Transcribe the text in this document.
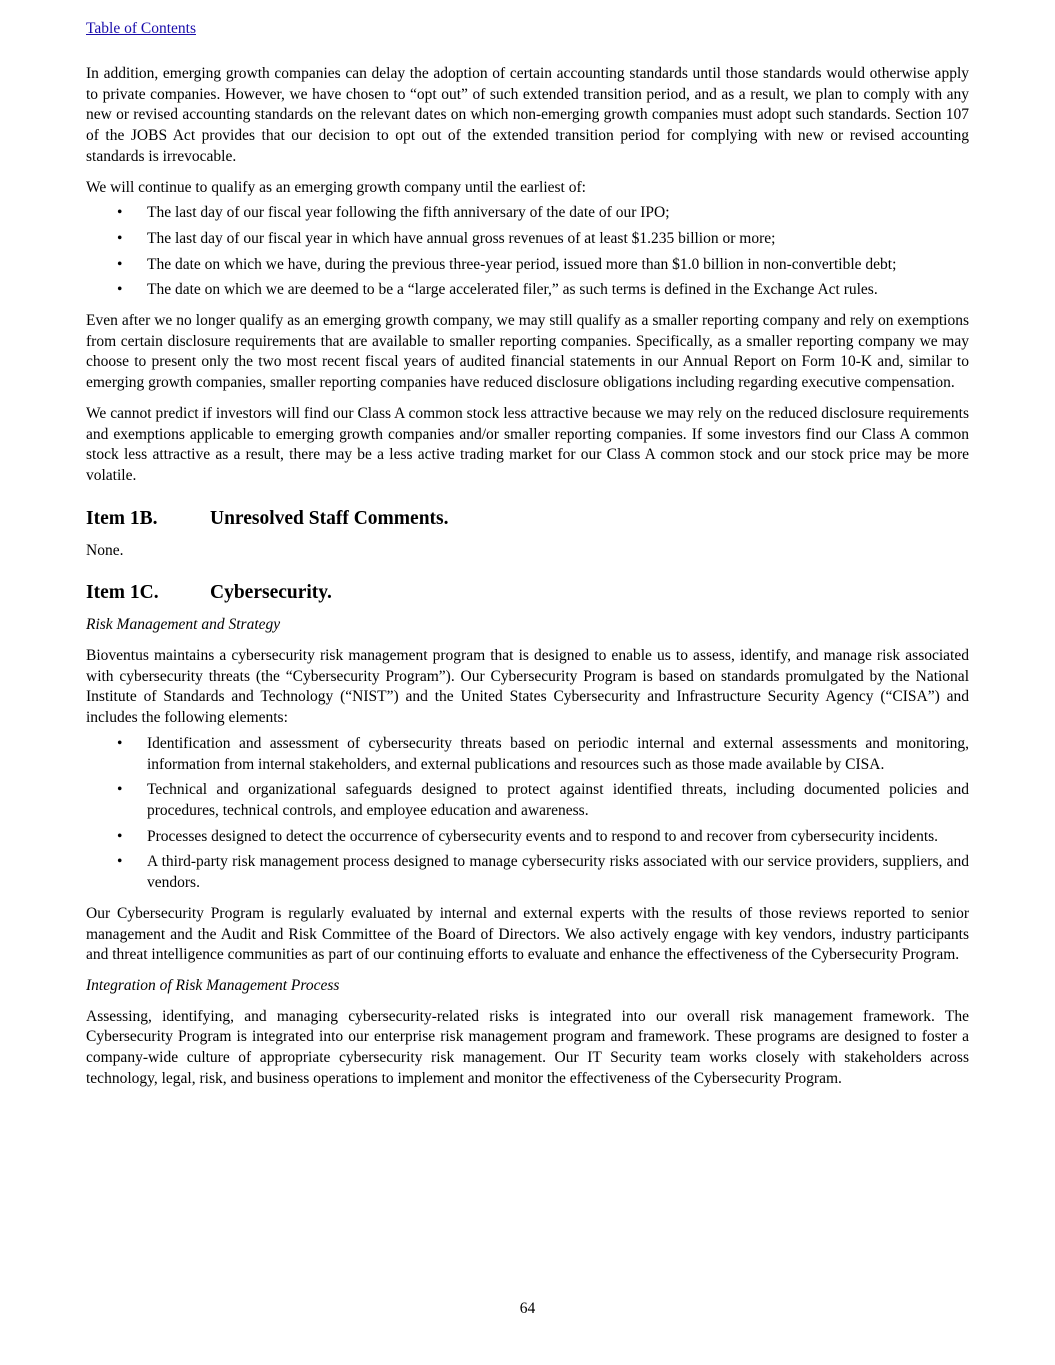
Table of Contents

In addition, emerging growth companies can delay the adoption of certain accounting standards until those standards would otherwise apply to private companies. However, we have chosen to “opt out” of such extended transition period, and as a result, we plan to comply with any new or revised accounting standards on the relevant dates on which non-emerging growth companies must adopt such standards. Section 107 of the JOBS Act provides that our decision to opt out of the extended transition period for complying with new or revised accounting standards is irrevocable.

We will continue to qualify as an emerging growth company until the earliest of:

• The last day of our fiscal year following the fifth anniversary of the date of our IPO;
• The last day of our fiscal year in which have annual gross revenues of at least $1.235 billion or more;
• The date on which we have, during the previous three-year period, issued more than $1.0 billion in non-convertible debt;
• The date on which we are deemed to be a “large accelerated filer,” as such terms is defined in the Exchange Act rules.

Even after we no longer qualify as an emerging growth company, we may still qualify as a smaller reporting company and rely on exemptions from certain disclosure requirements that are available to smaller reporting companies. Specifically, as a smaller reporting company we may choose to present only the two most recent fiscal years of audited financial statements in our Annual Report on Form 10-K and, similar to emerging growth companies, smaller reporting companies have reduced disclosure obligations including regarding executive compensation.

We cannot predict if investors will find our Class A common stock less attractive because we may rely on the reduced disclosure requirements and exemptions applicable to emerging growth companies and/or smaller reporting companies. If some investors find our Class A common stock less attractive as a result, there may be a less active trading market for our Class A common stock and our stock price may be more volatile.

Item 1B.	Unresolved Staff Comments.

None.

Item 1C.	Cybersecurity.

Risk Management and Strategy

Bioventus maintains a cybersecurity risk management program that is designed to enable us to assess, identify, and manage risk associated with cybersecurity threats (the “Cybersecurity Program”). Our Cybersecurity Program is based on standards promulgated by the National Institute of Standards and Technology (“NIST”) and the United States Cybersecurity and Infrastructure Security Agency (“CISA”) and includes the following elements:

• Identification and assessment of cybersecurity threats based on periodic internal and external assessments and monitoring, information from internal stakeholders, and external publications and resources such as those made available by CISA.
• Technical and organizational safeguards designed to protect against identified threats, including documented policies and procedures, technical controls, and employee education and awareness.
• Processes designed to detect the occurrence of cybersecurity events and to respond to and recover from cybersecurity incidents.
• A third-party risk management process designed to manage cybersecurity risks associated with our service providers, suppliers, and vendors.

Our Cybersecurity Program is regularly evaluated by internal and external experts with the results of those reviews reported to senior management and the Audit and Risk Committee of the Board of Directors. We also actively engage with key vendors, industry participants and threat intelligence communities as part of our continuing efforts to evaluate and enhance the effectiveness of the Cybersecurity Program.

Integration of Risk Management Process

Assessing, identifying, and managing cybersecurity-related risks is integrated into our overall risk management framework. The Cybersecurity Program is integrated into our enterprise risk management program and framework. These programs are designed to foster a company-wide culture of appropriate cybersecurity risk management. Our IT Security team works closely with stakeholders across technology, legal, risk, and business operations to implement and monitor the effectiveness of the Cybersecurity Program.

64
